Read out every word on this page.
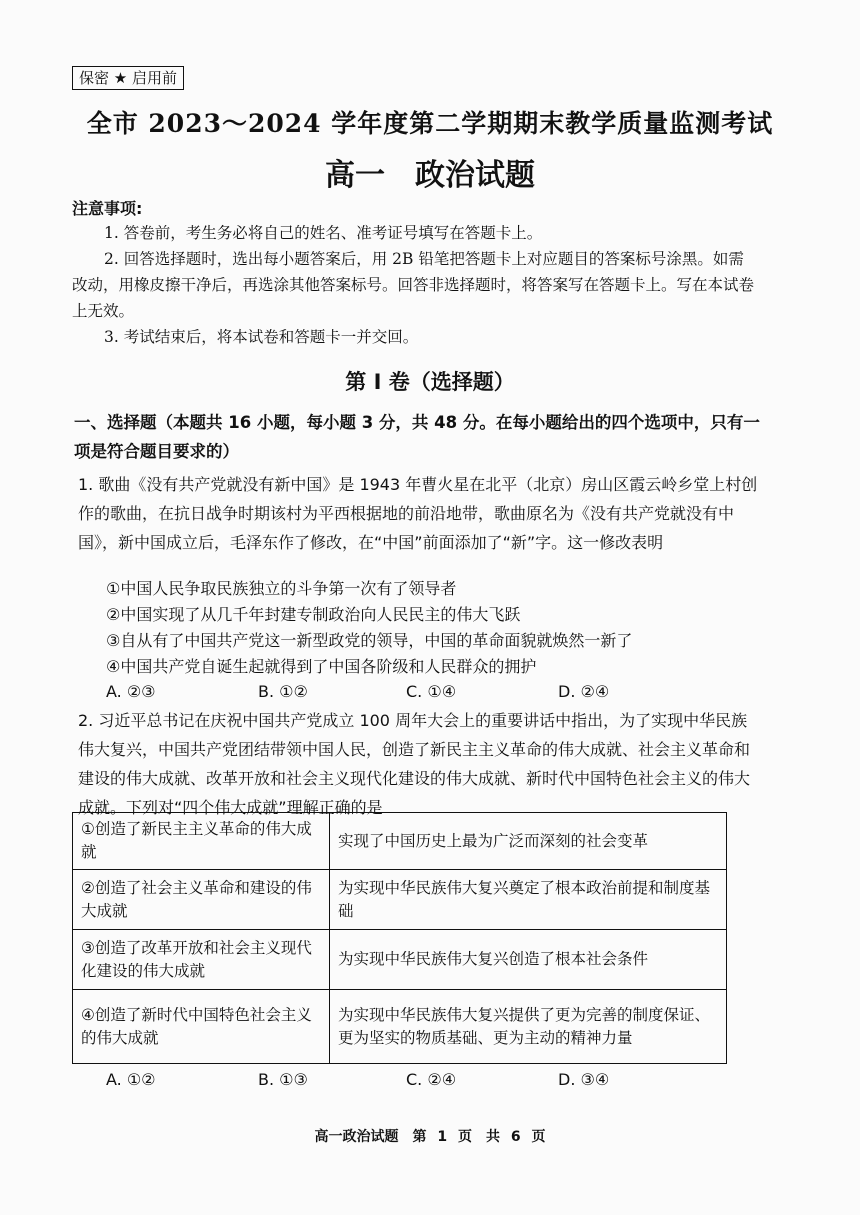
保密 ★ 启用前
全市 2023～2024 学年度第二学期期末教学质量监测考试
高一　政治试题
注意事项:
1. 答卷前，考生务必将自己的姓名、准考证号填写在答题卡上。
2. 回答选择题时，选出每小题答案后，用 2B 铅笔把答题卡上对应题目的答案标号涂黑。如需改动，用橡皮擦干净后，再选涂其他答案标号。回答非选择题时，将答案写在答题卡上。写在本试卷上无效。
3. 考试结束后，将本试卷和答题卡一并交回。
第 I 卷（选择题）
一、选择题（本题共 16 小题，每小题 3 分，共 48 分。在每小题给出的四个选项中，只有一项是符合题目要求的）
1. 歌曲《没有共产党就没有新中国》是 1943 年曹火星在北平（北京）房山区霞云岭乡堂上村创作的歌曲，在抗日战争时期该村为平西根据地的前沿地带，歌曲原名为《没有共产党就没有中国》，新中国成立后，毛泽东作了修改，在“中国”前面添加了“新”字。这一修改表明
①中国人民争取民族独立的斗争第一次有了领导者
②中国实现了从几千年封建专制政治向人民民主的伟大飞跃
③自从有了中国共产党这一新型政党的领导，中国的革命面貌就焕然一新了
④中国共产党自诞生起就得到了中国各阶级和人民群众的拥护
A. ②③	B. ①②	C. ①④	D. ②④
2. 习近平总书记在庆祝中国共产党成立 100 周年大会上的重要讲话中指出，为了实现中华民族伟大复兴，中国共产党团结带领中国人民，创造了新民主主义革命的伟大成就、社会主义革命和建设的伟大成就、改革开放和社会主义现代化建设的伟大成就、新时代中国特色社会主义的伟大成就。下列对“四个伟大成就”理解正确的是
①创造了新民主主义革命的伟大成就	实现了中国历史上最为广泛而深刻的社会变革
②创造了社会主义革命和建设的伟大成就	为实现中华民族伟大复兴奠定了根本政治前提和制度基础
③创造了改革开放和社会主义现代化建设的伟大成就	为实现中华民族伟大复兴创造了根本社会条件
④创造了新时代中国特色社会主义的伟大成就	为实现中华民族伟大复兴提供了更为完善的制度保证、更为坚实的物质基础、更为主动的精神力量
A. ①②	B. ①③	C. ②④	D. ③④
高一政治试题　第 1 页　共 6 页
